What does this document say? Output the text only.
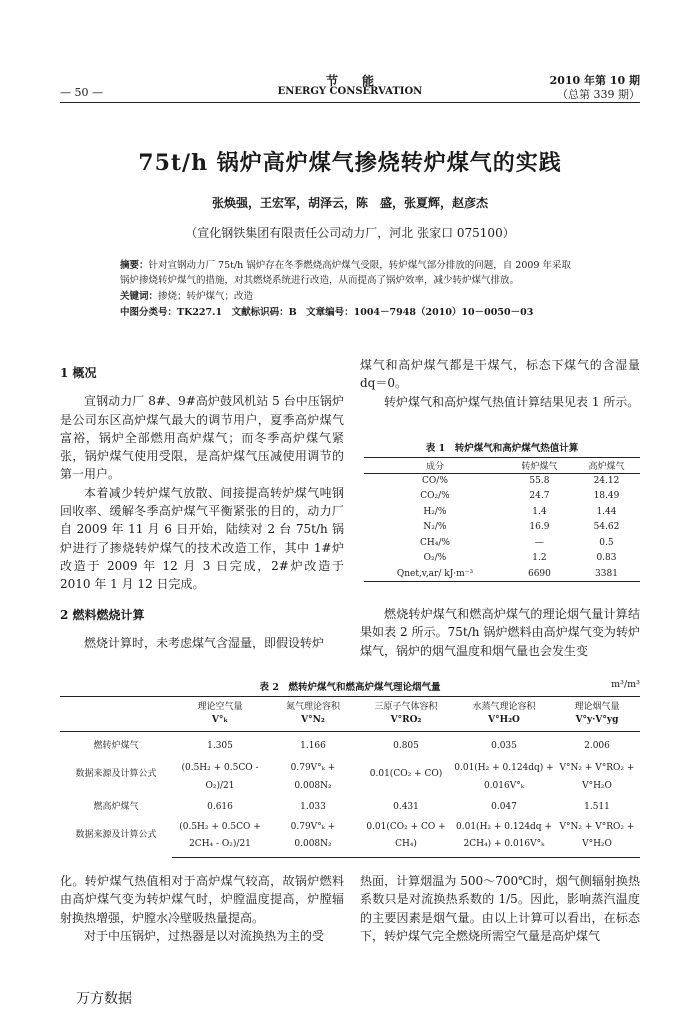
节　　能	2010 年第 10 期
— 50 —	ENERGY CONSERVATION	（总第 339 期）
75t/h 锅炉高炉煤气掺烧转炉煤气的实践
张焕强，王宏军，胡泽云，陈　盛，张夏辉，赵彦杰
（宣化钢铁集团有限责任公司动力厂，河北 张家口 075100）
摘要：针对宣钢动力厂 75t/h 锅炉存在冬季燃烧高炉煤气受限，转炉煤气部分排放的问题，自 2009 年采取锅炉掺烧转炉煤气的措施，对其燃烧系统进行改造，从而提高了锅炉效率，减少转炉煤气排放。
关键词：掺烧；转炉煤气；改造
中图分类号：TK227.1　文献标识码：B　文章编号：1004－7948（2010）10－0050－03
1 概况

宣钢动力厂 8#、9#高炉鼓风机站 5 台中压锅炉是公司东区高炉煤气最大的调节用户，夏季高炉煤气富裕，锅炉全部燃用高炉煤气；而冬季高炉煤气紧张，锅炉煤气使用受限，是高炉煤气压减使用调节的第一用户。

本着减少转炉煤气放散、间接提高转炉煤气吨钢回收率、缓解冬季高炉煤气平衡紧张的目的，动力厂自 2009 年 11 月 6 日开始，陆续对 2 台 75t/h 锅炉进行了掺烧转炉煤气的技术改造工作，其中 1#炉改造于 2009 年 12 月 3 日完成，2#炉改造于 2010 年 1 月 12 日完成。

2 燃料燃烧计算

燃烧计算时，未考虑煤气含湿量，即假设转炉

煤气和高炉煤气都是干煤气，标态下煤气的含湿量 dq＝0。

转炉煤气和高炉煤气热值计算结果见表 1 所示。

表 1　转炉煤气和高炉煤气热值计算
成分	转炉煤气	高炉煤气
CO/%	55.8	24.12
CO₂/%	24.7	18.49
H₂/%	1.4	1.44
N₂/%	16.9	54.62
CH₄/%	—	0.5
O₂/%	1.2	0.83
Qnet,v,ar/ kJ·m⁻³	6690	3381

燃烧转炉煤气和燃高炉煤气的理论烟气量计算结果如表 2 所示。75t/h 锅炉燃料由高炉煤气变为转炉煤气，锅炉的烟气温度和烟气量也会发生变

表 2　燃转炉煤气和燃高炉煤气理论烟气量	m³/m³
	理论空气量	氮气理论容积	三原子气体容积	水蒸气理论容积	理论烟气量
	V°ₖ	V°N₂	V°RO₂	V°H₂O	V°y·V°yg
燃转炉煤气	1.305	1.166	0.805	0.035	2.006
数据来源及计算公式	(0.5H₂ + 0.5CO -	0.79V°ₖ +	0.01(CO₂ + CO)	0.01(H₂ + 0.124dq) +	V°N₂ + V°RO₂ +
	O₂)/21	0.008N₂		0.016V°ₖ	V°H₂O
燃高炉煤气	0.616	1.033	0.431	0.047	1.511
数据来源及计算公式	(0.5H₂ + 0.5CO +	0.79V°ₖ +	0.01(CO₂ + CO +	0.01(H₂ + 0.124dq +	V°N₂ + V°RO₂ +
	2CH₄ - O₂)/21	0.008N₂	CH₄)	2CH₄) + 0.016V°ₖ	V°H₂O

化。转炉煤气热值相对于高炉煤气较高，故锅炉燃料由高炉煤气变为转炉煤气时，炉膛温度提高，炉膛辐射换热增强，炉膛水冷壁吸热量提高。

对于中压锅炉，过热器是以对流换热为主的受

热面，计算烟温为 500～700℃时，烟气侧辐射换热系数只是对流换热系数的 1/5。因此，影响蒸汽温度的主要因素是烟气量。由以上计算可以看出，在标态下，转炉煤气完全燃烧所需空气量是高炉煤气

万方数据
